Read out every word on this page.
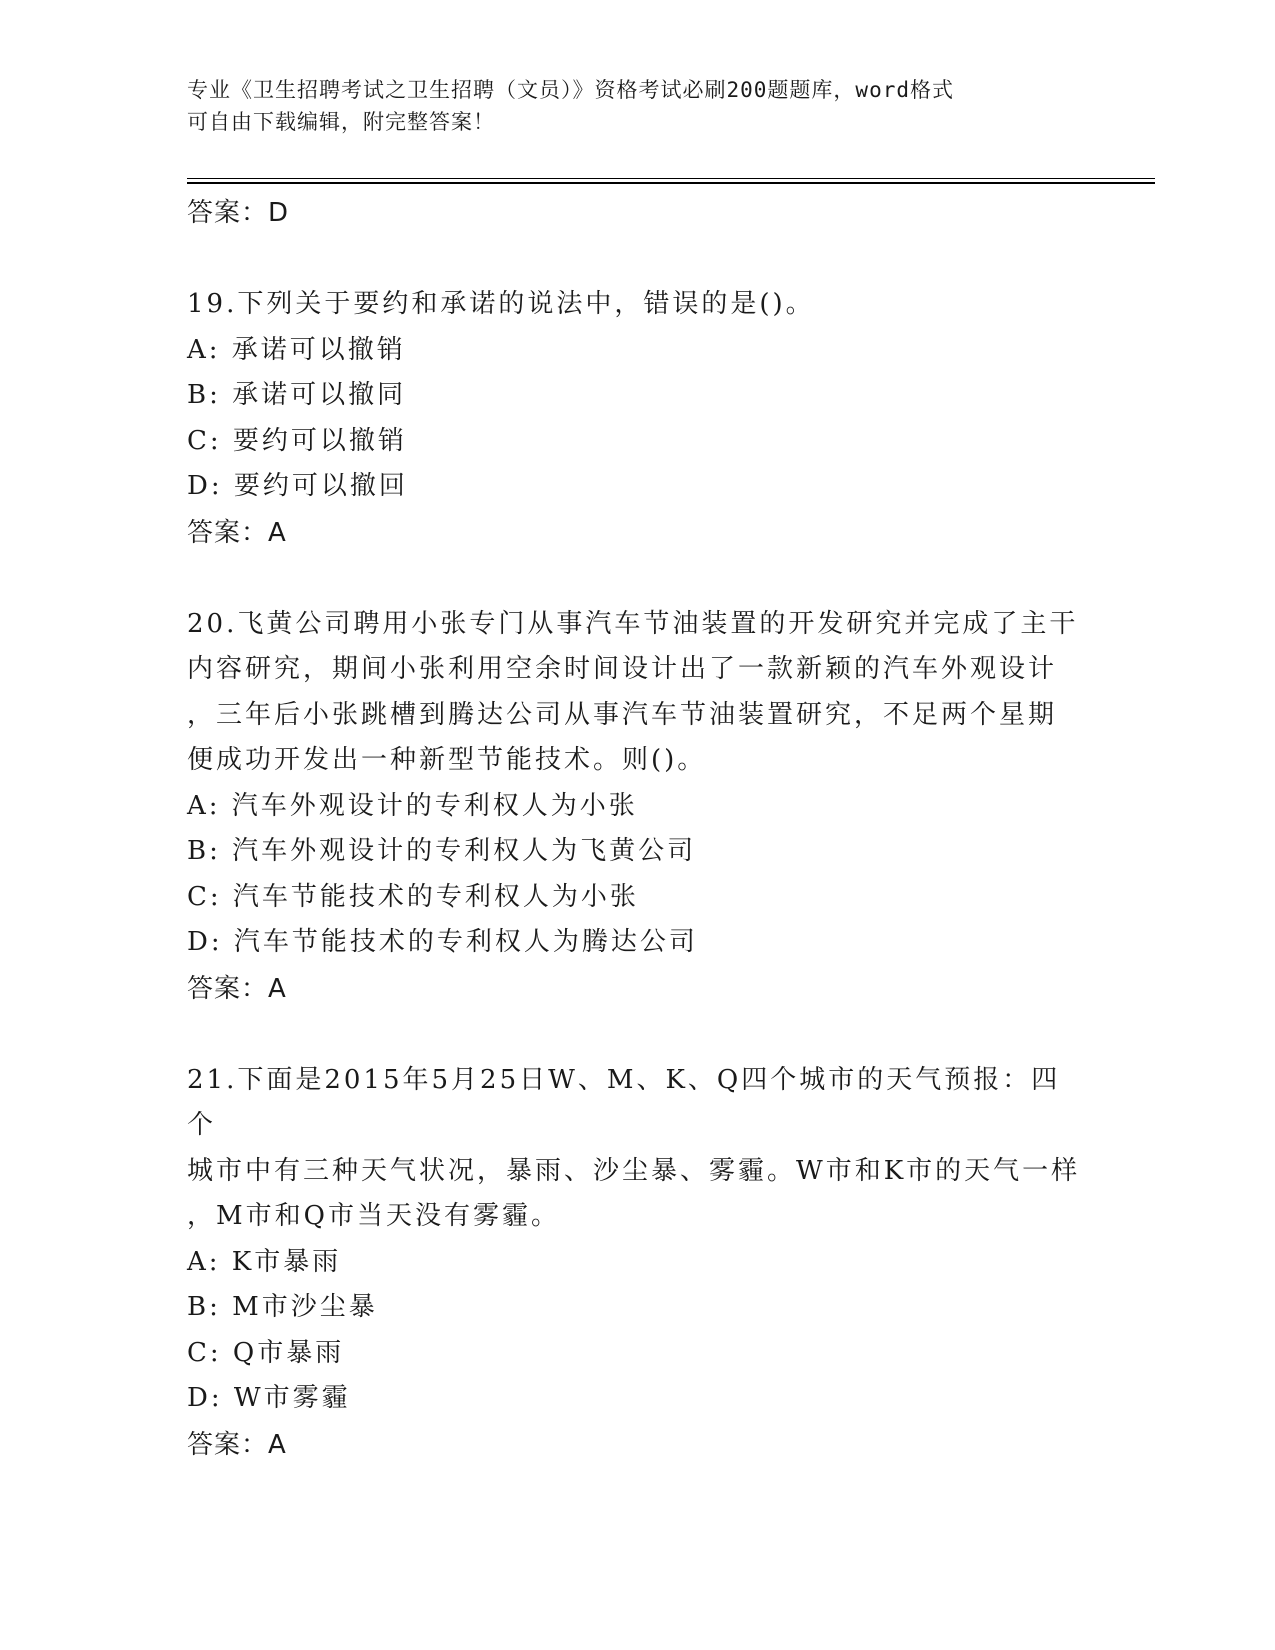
专业《卫生招聘考试之卫生招聘（文员）》资格考试必刷200题题库，word格式
可自由下载编辑，附完整答案！
答案：D
19.下列关于要约和承诺的说法中，错误的是()。
A: 承诺可以撤销
B: 承诺可以撤同
C: 要约可以撤销
D: 要约可以撤回
答案：A
20.飞黄公司聘用小张专门从事汽车节油装置的开发研究并完成了主干
内容研究，期间小张利用空余时间设计出了一款新颖的汽车外观设计
，三年后小张跳槽到腾达公司从事汽车节油装置研究，不足两个星期
便成功开发出一种新型节能技术。则()。
A: 汽车外观设计的专利权人为小张
B: 汽车外观设计的专利权人为飞黄公司
C: 汽车节能技术的专利权人为小张
D: 汽车节能技术的专利权人为腾达公司
答案：A
21.下面是2015年5月25日W、M、K、Q四个城市的天气预报：四个
城市中有三种天气状况，暴雨、沙尘暴、雾霾。W市和K市的天气一样
，M市和Q市当天没有雾霾。
A: K市暴雨
B: M市沙尘暴
C: Q市暴雨
D: W市雾霾
答案：A
